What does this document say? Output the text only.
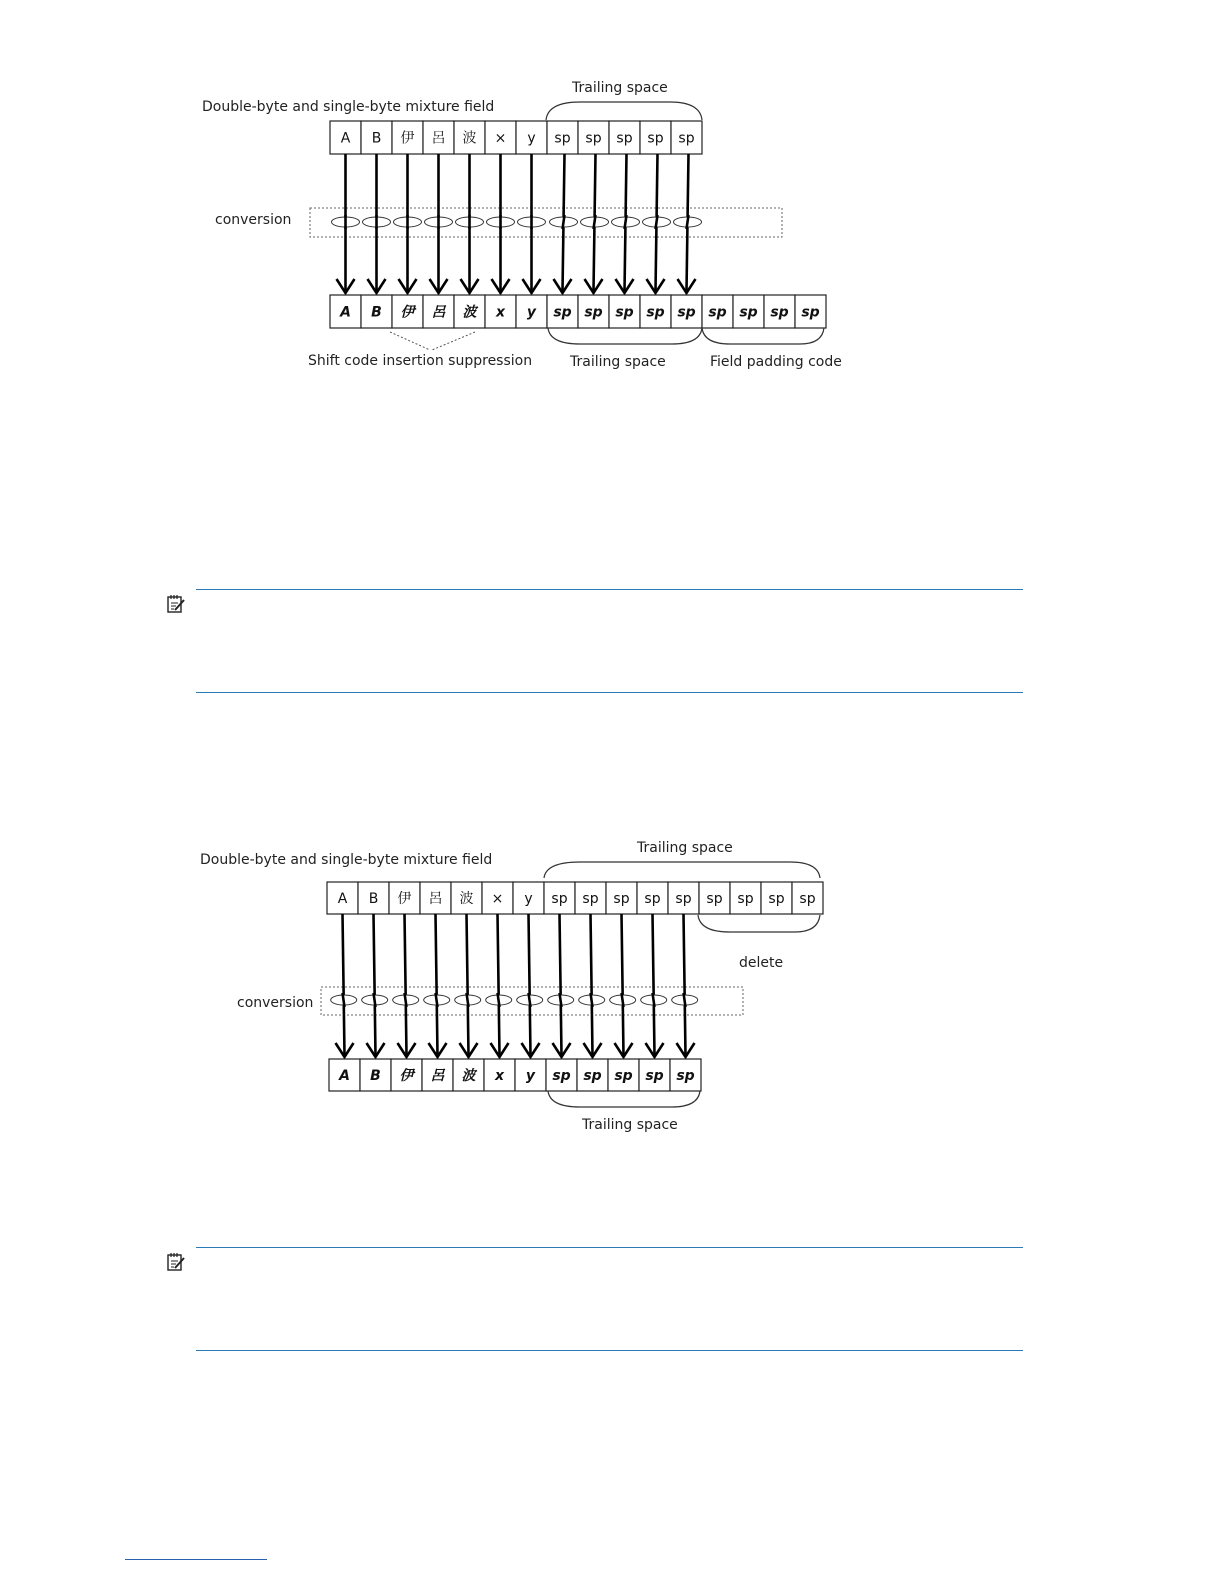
Double-byte and single-byte mixture field
Trailing space
A B 伊 呂 波 × y sp sp sp sp sp
conversion
A B 伊 呂 波 x y sp sp sp sp sp sp sp sp sp
Shift code insertion suppression	Trailing space	Field padding code
Double-byte and single-byte mixture field
Trailing space
A B 伊 呂 波 × y sp sp sp sp sp sp sp sp sp
delete
conversion
A B 伊 呂 波 x y sp sp sp sp sp
Trailing space
